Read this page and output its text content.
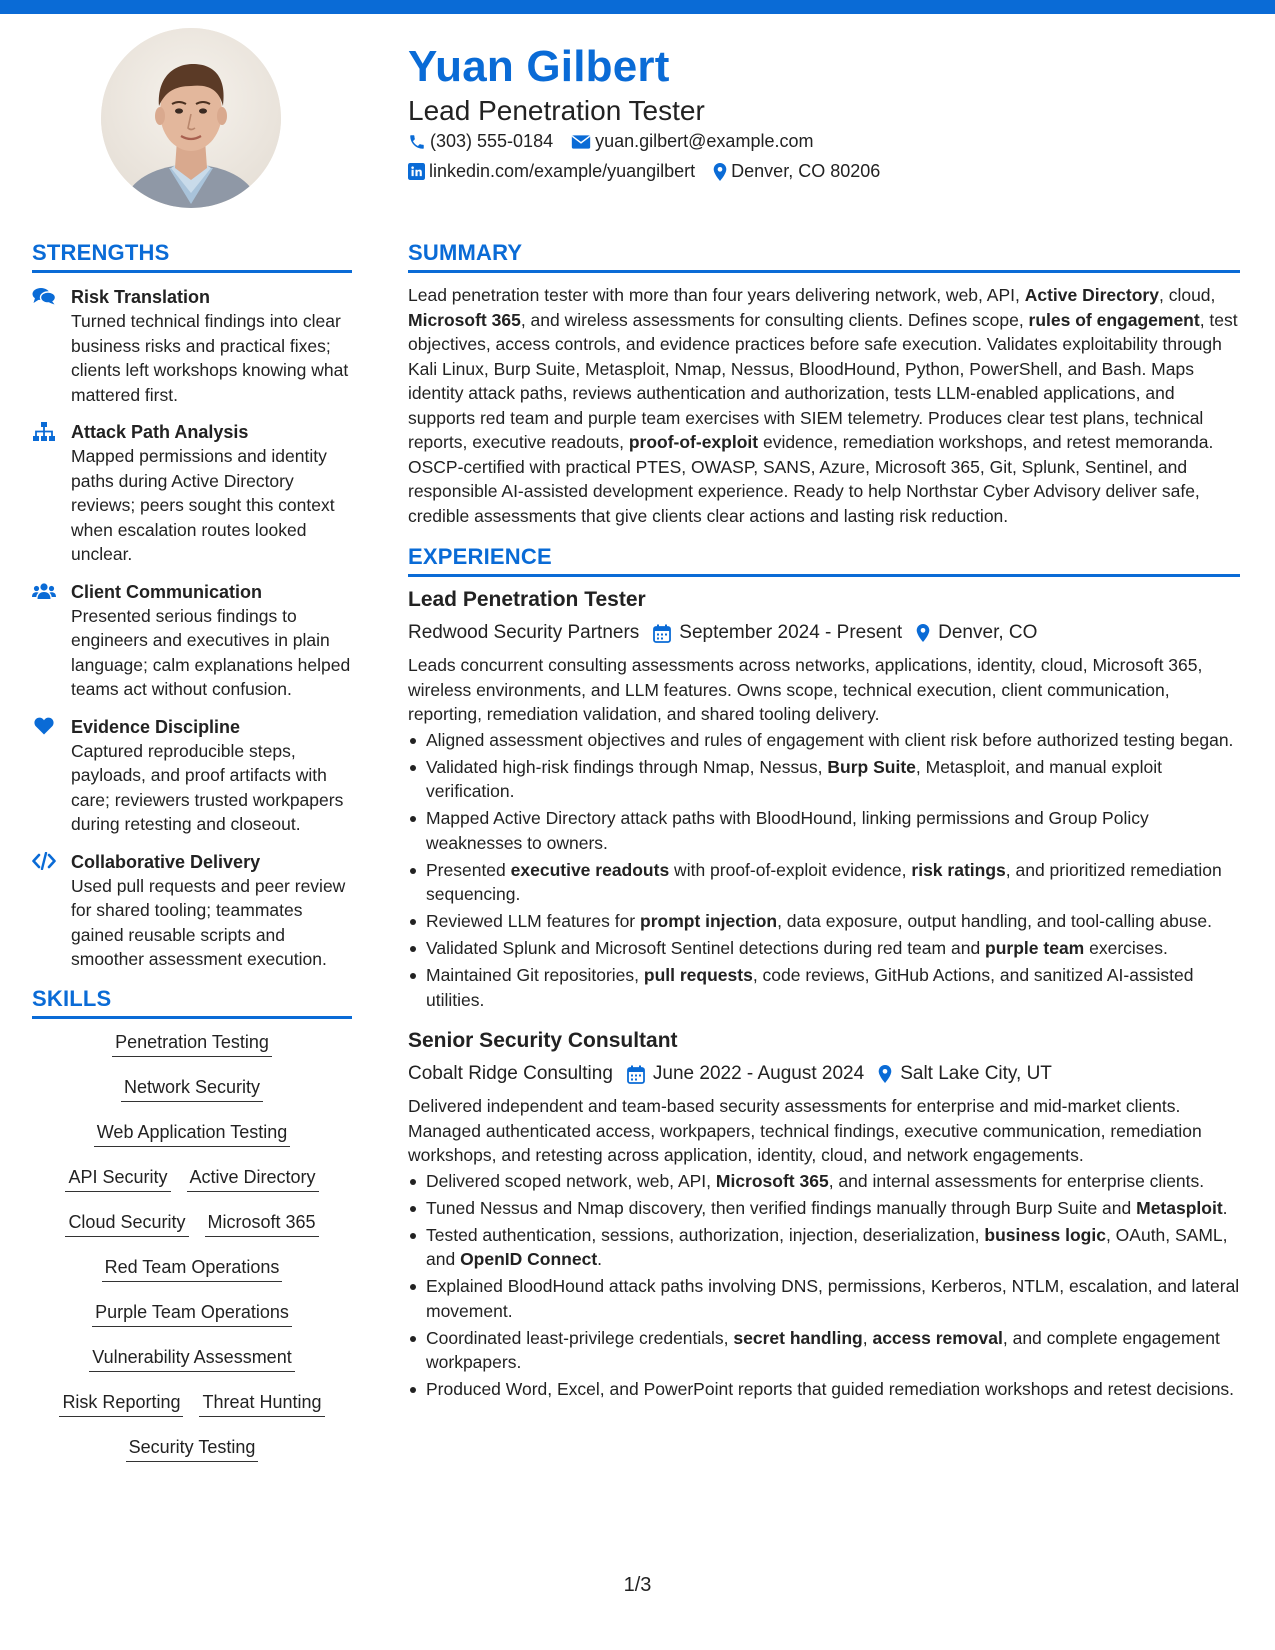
Yuan Gilbert
Lead Penetration Tester
(303) 555-0184 yuan.gilbert@example.com
linkedin.com/example/yuangilbert Denver, CO 80206
STRENGTHS
Risk Translation
Turned technical findings into clear business risks and practical fixes; clients left workshops knowing what mattered first.
Attack Path Analysis
Mapped permissions and identity paths during Active Directory reviews; peers sought this context when escalation routes looked unclear.
Client Communication
Presented serious findings to engineers and executives in plain language; calm explanations helped teams act without confusion.
Evidence Discipline
Captured reproducible steps, payloads, and proof artifacts with care; reviewers trusted workpapers during retesting and closeout.
Collaborative Delivery
Used pull requests and peer review for shared tooling; teammates gained reusable scripts and smoother assessment execution.
SKILLS
Penetration Testing
Network Security
Web Application Testing
API Security Active Directory
Cloud Security Microsoft 365
Red Team Operations
Purple Team Operations
Vulnerability Assessment
Risk Reporting Threat Hunting
Security Testing
SUMMARY
Lead penetration tester with more than four years delivering network, web, API, Active Directory, cloud, Microsoft 365, and wireless assessments for consulting clients. Defines scope, rules of engagement, test objectives, access controls, and evidence practices before safe execution. Validates exploitability through Kali Linux, Burp Suite, Metasploit, Nmap, Nessus, BloodHound, Python, PowerShell, and Bash. Maps identity attack paths, reviews authentication and authorization, tests LLM-enabled applications, and supports red team and purple team exercises with SIEM telemetry. Produces clear test plans, technical reports, executive readouts, proof-of-exploit evidence, remediation workshops, and retest memoranda. OSCP-certified with practical PTES, OWASP, SANS, Azure, Microsoft 365, Git, Splunk, Sentinel, and responsible AI-assisted development experience. Ready to help Northstar Cyber Advisory deliver safe, credible assessments that give clients clear actions and lasting risk reduction.
EXPERIENCE
Lead Penetration Tester
Redwood Security Partners September 2024 - Present Denver, CO
Leads concurrent consulting assessments across networks, applications, identity, cloud, Microsoft 365, wireless environments, and LLM features. Owns scope, technical execution, client communication, reporting, remediation validation, and shared tooling delivery.
Aligned assessment objectives and rules of engagement with client risk before authorized testing began.
Validated high-risk findings through Nmap, Nessus, Burp Suite, Metasploit, and manual exploit verification.
Mapped Active Directory attack paths with BloodHound, linking permissions and Group Policy weaknesses to owners.
Presented executive readouts with proof-of-exploit evidence, risk ratings, and prioritized remediation sequencing.
Reviewed LLM features for prompt injection, data exposure, output handling, and tool-calling abuse.
Validated Splunk and Microsoft Sentinel detections during red team and purple team exercises.
Maintained Git repositories, pull requests, code reviews, GitHub Actions, and sanitized AI-assisted utilities.
Senior Security Consultant
Cobalt Ridge Consulting June 2022 - August 2024 Salt Lake City, UT
Delivered independent and team-based security assessments for enterprise and mid-market clients. Managed authenticated access, workpapers, technical findings, executive communication, remediation workshops, and retesting across application, identity, cloud, and network engagements.
Delivered scoped network, web, API, Microsoft 365, and internal assessments for enterprise clients.
Tuned Nessus and Nmap discovery, then verified findings manually through Burp Suite and Metasploit.
Tested authentication, sessions, authorization, injection, deserialization, business logic, OAuth, SAML, and OpenID Connect.
Explained BloodHound attack paths involving DNS, permissions, Kerberos, NTLM, escalation, and lateral movement.
Coordinated least-privilege credentials, secret handling, access removal, and complete engagement workpapers.
Produced Word, Excel, and PowerPoint reports that guided remediation workshops and retest decisions.
1/3
